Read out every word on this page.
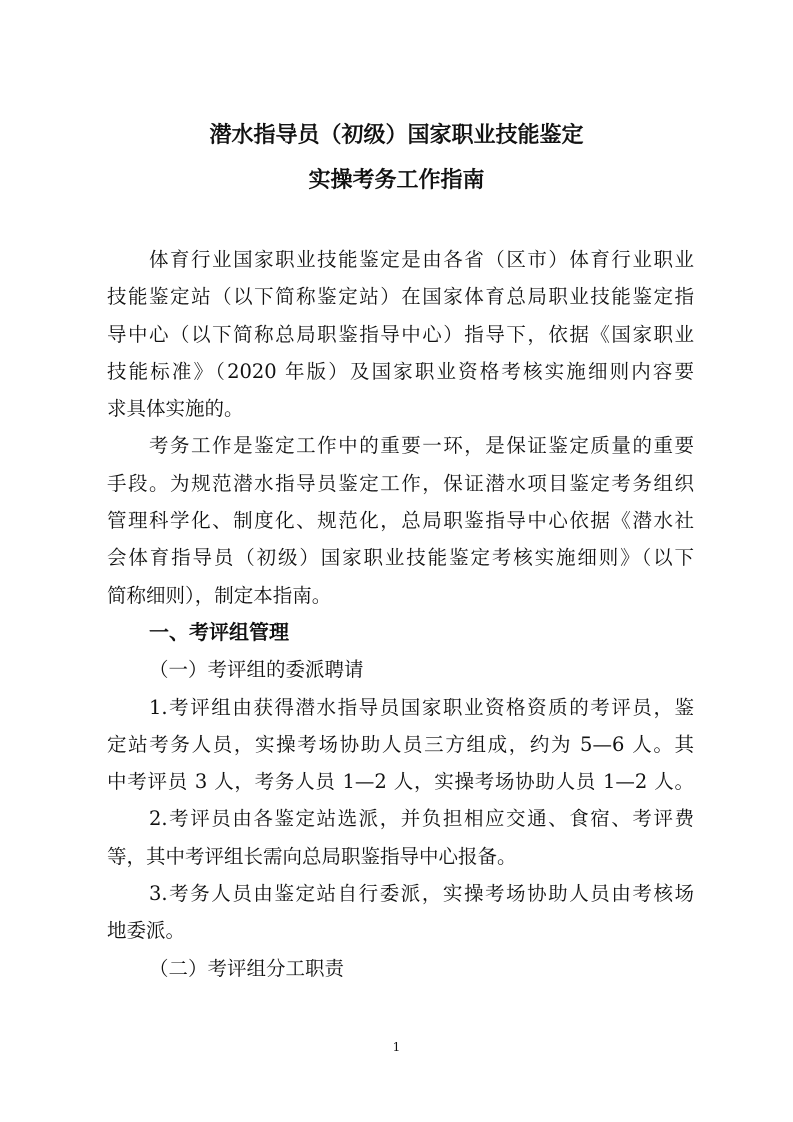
潜水指导员（初级）国家职业技能鉴定
实操考务工作指南
体育行业国家职业技能鉴定是由各省（区市）体育行业职业
技能鉴定站（以下简称鉴定站）在国家体育总局职业技能鉴定指
导中心（以下简称总局职鉴指导中心）指导下，依据《国家职业
技能标准》（2020 年版）及国家职业资格考核实施细则内容要
求具体实施的。
考务工作是鉴定工作中的重要一环，是保证鉴定质量的重要
手段。为规范潜水指导员鉴定工作，保证潜水项目鉴定考务组织
管理科学化、制度化、规范化，总局职鉴指导中心依据《潜水社
会体育指导员（初级）国家职业技能鉴定考核实施细则》（以下
简称细则），制定本指南。
一、考评组管理
（一）考评组的委派聘请
1.考评组由获得潜水指导员国家职业资格资质的考评员，鉴
定站考务人员，实操考场协助人员三方组成，约为 5—6 人。其
中考评员 3 人，考务人员 1—2 人，实操考场协助人员 1—2 人。
2.考评员由各鉴定站选派，并负担相应交通、食宿、考评费
等，其中考评组长需向总局职鉴指导中心报备。
3.考务人员由鉴定站自行委派，实操考场协助人员由考核场
地委派。
（二）考评组分工职责
1
